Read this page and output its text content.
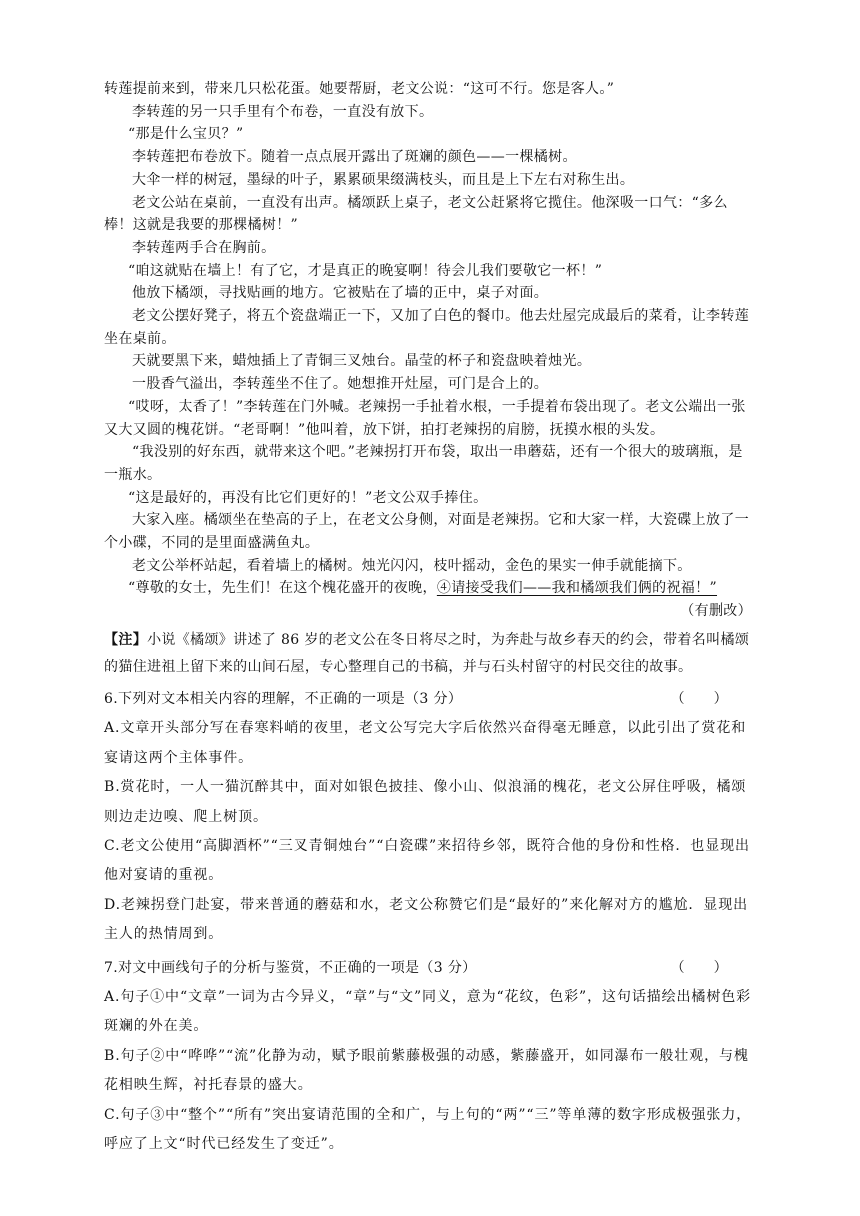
转莲提前来到，带来几只松花蛋。她要帮厨，老文公说：“这可不行。您是客人。”

李转莲的另一只手里有个布卷，一直没有放下。

“那是什么宝贝？”

李转莲把布卷放下。随着一点点展开露出了斑斓的颜色——一棵橘树。

大伞一样的树冠，墨绿的叶子，累累硕果缀满枝头，而且是上下左右对称生出。

老文公站在桌前，一直没有出声。橘颂跃上桌子，老文公赶紧将它揽住。他深吸一口气：“多么棒！这就是我要的那棵橘树！”

李转莲两手合在胸前。

“咱这就贴在墙上！有了它，才是真正的晚宴啊！待会儿我们要敬它一杯！”

他放下橘颂，寻找贴画的地方。它被贴在了墙的正中，桌子对面。

老文公摆好凳子，将五个瓷盘端正一下，又加了白色的餐巾。他去灶屋完成最后的菜肴，让李转莲坐在桌前。

天就要黑下来，蜡烛插上了青铜三叉烛台。晶莹的杯子和瓷盘映着烛光。

一股香气溢出，李转莲坐不住了。她想推开灶屋，可门是合上的。

“哎呀，太香了！”李转莲在门外喊。老辣拐一手扯着水根，一手提着布袋出现了。老文公端出一张又大又圆的槐花饼。“老哥啊！”他叫着，放下饼，拍打老辣拐的肩膀，抚摸水根的头发。

“我没别的好东西，就带来这个吧。”老辣拐打开布袋，取出一串蘑菇，还有一个很大的玻璃瓶，是一瓶水。

“这是最好的，再没有比它们更好的！”老文公双手捧住。

大家入座。橘颂坐在垫高的子上，在老文公身侧，对面是老辣拐。它和大家一样，大瓷碟上放了一个小碟，不同的是里面盛满鱼丸。

老文公举杯站起，看着墙上的橘树。烛光闪闪，枝叶摇动，金色的果实一伸手就能摘下。

“尊敬的女士，先生们！在这个槐花盛开的夜晚，④请接受我们——我和橘颂我们俩的祝福！”

（有删改）

【注】小说《橘颂》讲述了 86 岁的老文公在冬日将尽之时，为奔赴与故乡春天的约会，带着名叫橘颂的猫住进祖上留下来的山间石屋，专心整理自己的书稿，并与石头村留守的村民交往的故事。

6.下列对文本相关内容的理解，不正确的一项是（3 分）	（　　）

A.文章开头部分写在春寒料峭的夜里，老文公写完大字后依然兴奋得毫无睡意，以此引出了赏花和宴请这两个主体事件。

B.赏花时，一人一猫沉醉其中，面对如银色披挂、像小山、似浪涌的槐花，老文公屏住呼吸，橘颂则边走边嗅、爬上树顶。

C.老文公使用“高脚酒杯”“三叉青铜烛台”“白瓷碟”来招待乡邻，既符合他的身份和性格．也显现出他对宴请的重视。

D.老辣拐登门赴宴，带来普通的蘑菇和水，老文公称赞它们是“最好的”来化解对方的尴尬．显现出主人的热情周到。

7.对文中画线句子的分析与鉴赏，不正确的一项是（3 分）	（　　）

A.句子①中“文章”一词为古今异义，“章”与“文”同义，意为“花纹，色彩”，这句话描绘出橘树色彩斑斓的外在美。

B.句子②中“哗哗”“流”化静为动，赋予眼前紫藤极强的动感，紫藤盛开，如同瀑布一般壮观，与槐花相映生辉，衬托春景的盛大。

C.句子③中“整个”“所有”突出宴请范围的全和广，与上句的“两”“三”等单薄的数字形成极强张力，呼应了上文“时代已经发生了变迁”。
